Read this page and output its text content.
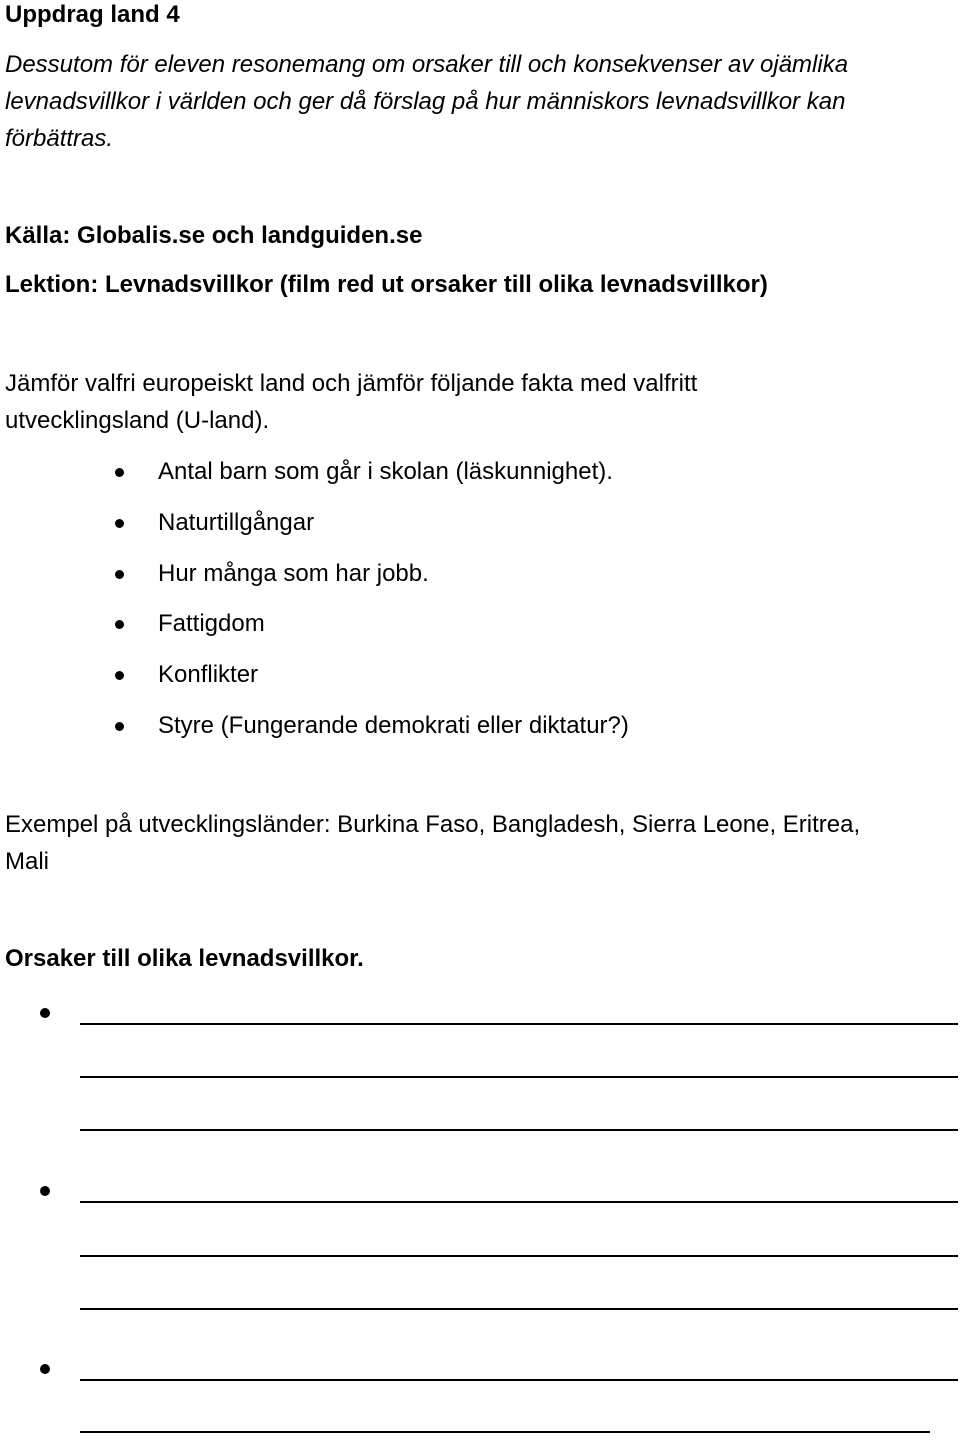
Uppdrag land 4
Dessutom för eleven resonemang om orsaker till och konsekvenser av ojämlika
levnadsvillkor i världen och ger då förslag på hur människors levnadsvillkor kan
förbättras.
Källa: Globalis.se och landguiden.se
Lektion: Levnadsvillkor (film red ut orsaker till olika levnadsvillkor)
Jämför valfri europeiskt land och jämför följande fakta med valfritt
utvecklingsland (U-land).
Antal barn som går i skolan (läskunnighet).
Naturtillgångar
Hur många som har jobb.
Fattigdom
Konflikter
Styre (Fungerande demokrati eller diktatur?)
Exempel på utvecklingsländer: Burkina Faso, Bangladesh, Sierra Leone, Eritrea,
Mali
Orsaker till olika levnadsvillkor.
